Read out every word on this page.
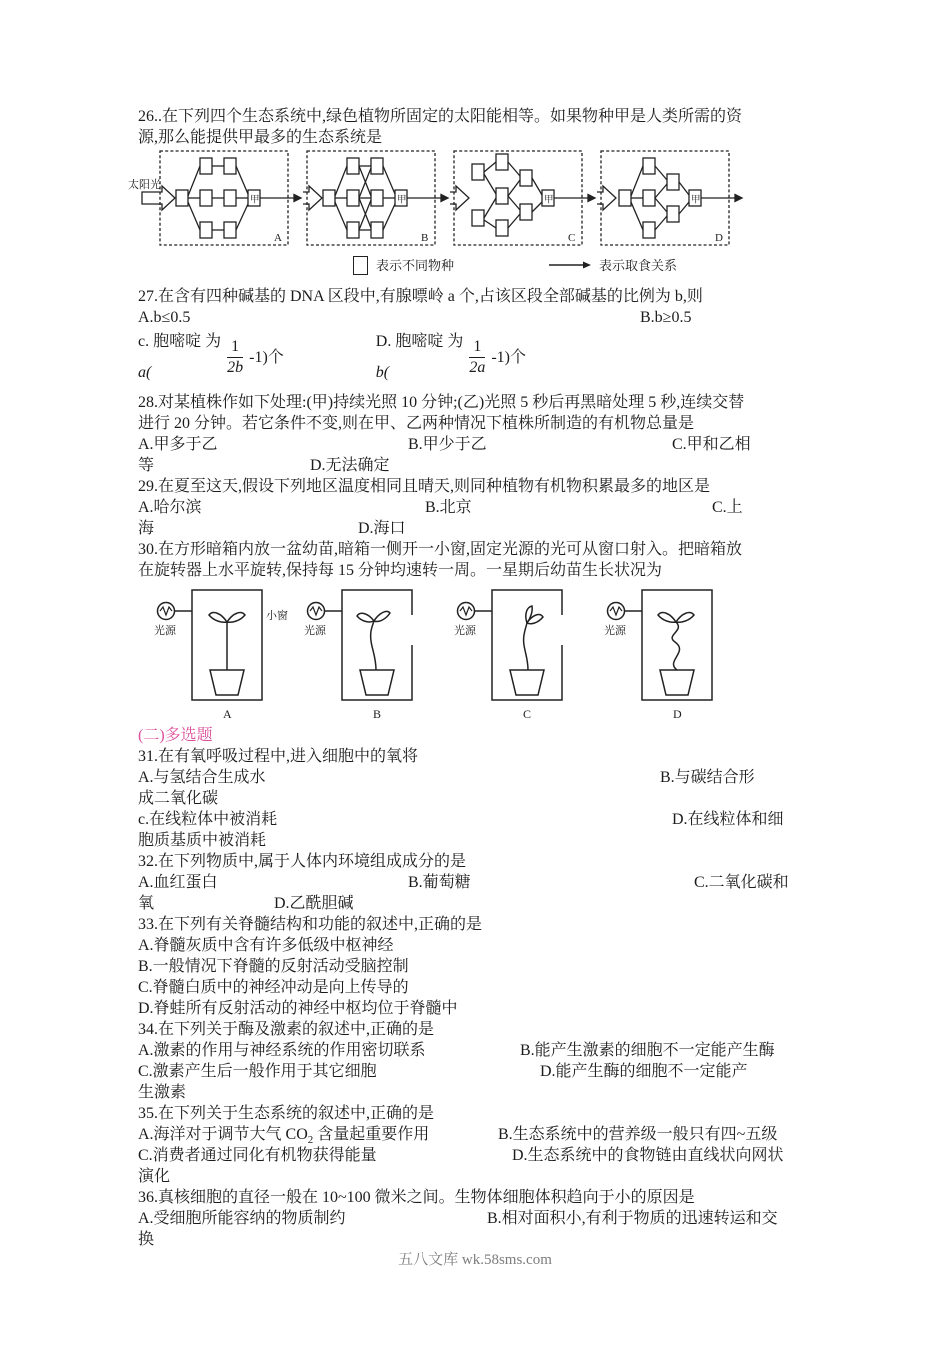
26..在下列四个生态系统中,绿色植物所固定的太阳能相等。如果物种甲是人类所需的资
源,那么能提供甲最多的生态系统是
太阳光
甲
A
甲
B
甲
C
甲
D
表示不同物种	表示取食关系
27.在含有四种碱基的 DNA 区段中,有腺嘌岭 a 个,占该区段全部碱基的比例为 b,则
A.b≤0.5	B.b≥0.5
c. 胞嘧啶 为
a(	$\frac{1}{2b} -1$)个
D. 胞嘧啶 为
b(	$\frac{1}{2a} -1$)个
28.对某植株作如下处理:(甲)持续光照 10 分钟;(乙)光照 5 秒后再黑暗处理 5 秒,连续交替
进行 20 分钟。若它条件不变,则在甲、乙两种情况下植株所制造的有机物总量是
A.甲多于乙	B.甲少于乙	C.甲和乙相
等	D.无法确定
29.在夏至这天,假设下列地区温度相同且晴天,则同种植物有机物积累最多的地区是
A.哈尔滨	B.北京	C.上
海	D.海口
30.在方形暗箱内放一盆幼苗,暗箱一侧开一小窗,固定光源的光可从窗口射入。把暗箱放
在旋转器上水平旋转,保持每 15 分钟均速转一周。一星期后幼苗生长状况为
光源
小窗
A
光源
B
光源
C
光源
D
(二)多选题
31.在有氧呼吸过程中,进入细胞中的氧将
A.与氢结合生成水	B.与碳结合形
成二氧化碳
c.在线粒体中被消耗	D.在线粒体和细
胞质基质中被消耗
32.在下列物质中,属于人体内环境组成成分的是
A.血红蛋白	B.葡萄糖	C.二氧化碳和
氧	D.乙酰胆碱
33.在下列有关脊髓结构和功能的叙述中,正确的是
A.脊髓灰质中含有许多低级中枢神经
B.一般情况下脊髓的反射活动受脑控制
C.脊髓白质中的神经冲动是向上传导的
D.脊蛙所有反射活动的神经中枢均位于脊髓中
34.在下列关于酶及激素的叙述中,正确的是
A.激素的作用与神经系统的作用密切联系	B.能产生激素的细胞不一定能产生酶
C.激素产生后一般作用于其它细胞	D.能产生酶的细胞不一定能产
生激素
35.在下列关于生态系统的叙述中,正确的是
A.海洋对于调节大气 $CO_2$ 含量起重要作用	B.生态系统中的营养级一般只有四~五级
C.消费者通过同化有机物获得能量	D.生态系统中的食物链由直线状向网状
演化
36.真核细胞的直径一般在 10~100 微米之间。生物体细胞体积趋向于小的原因是
A.受细胞所能容纳的物质制约	B.相对面积小,有利于物质的迅速转运和交
换
五八文库 wk.58sms.com
